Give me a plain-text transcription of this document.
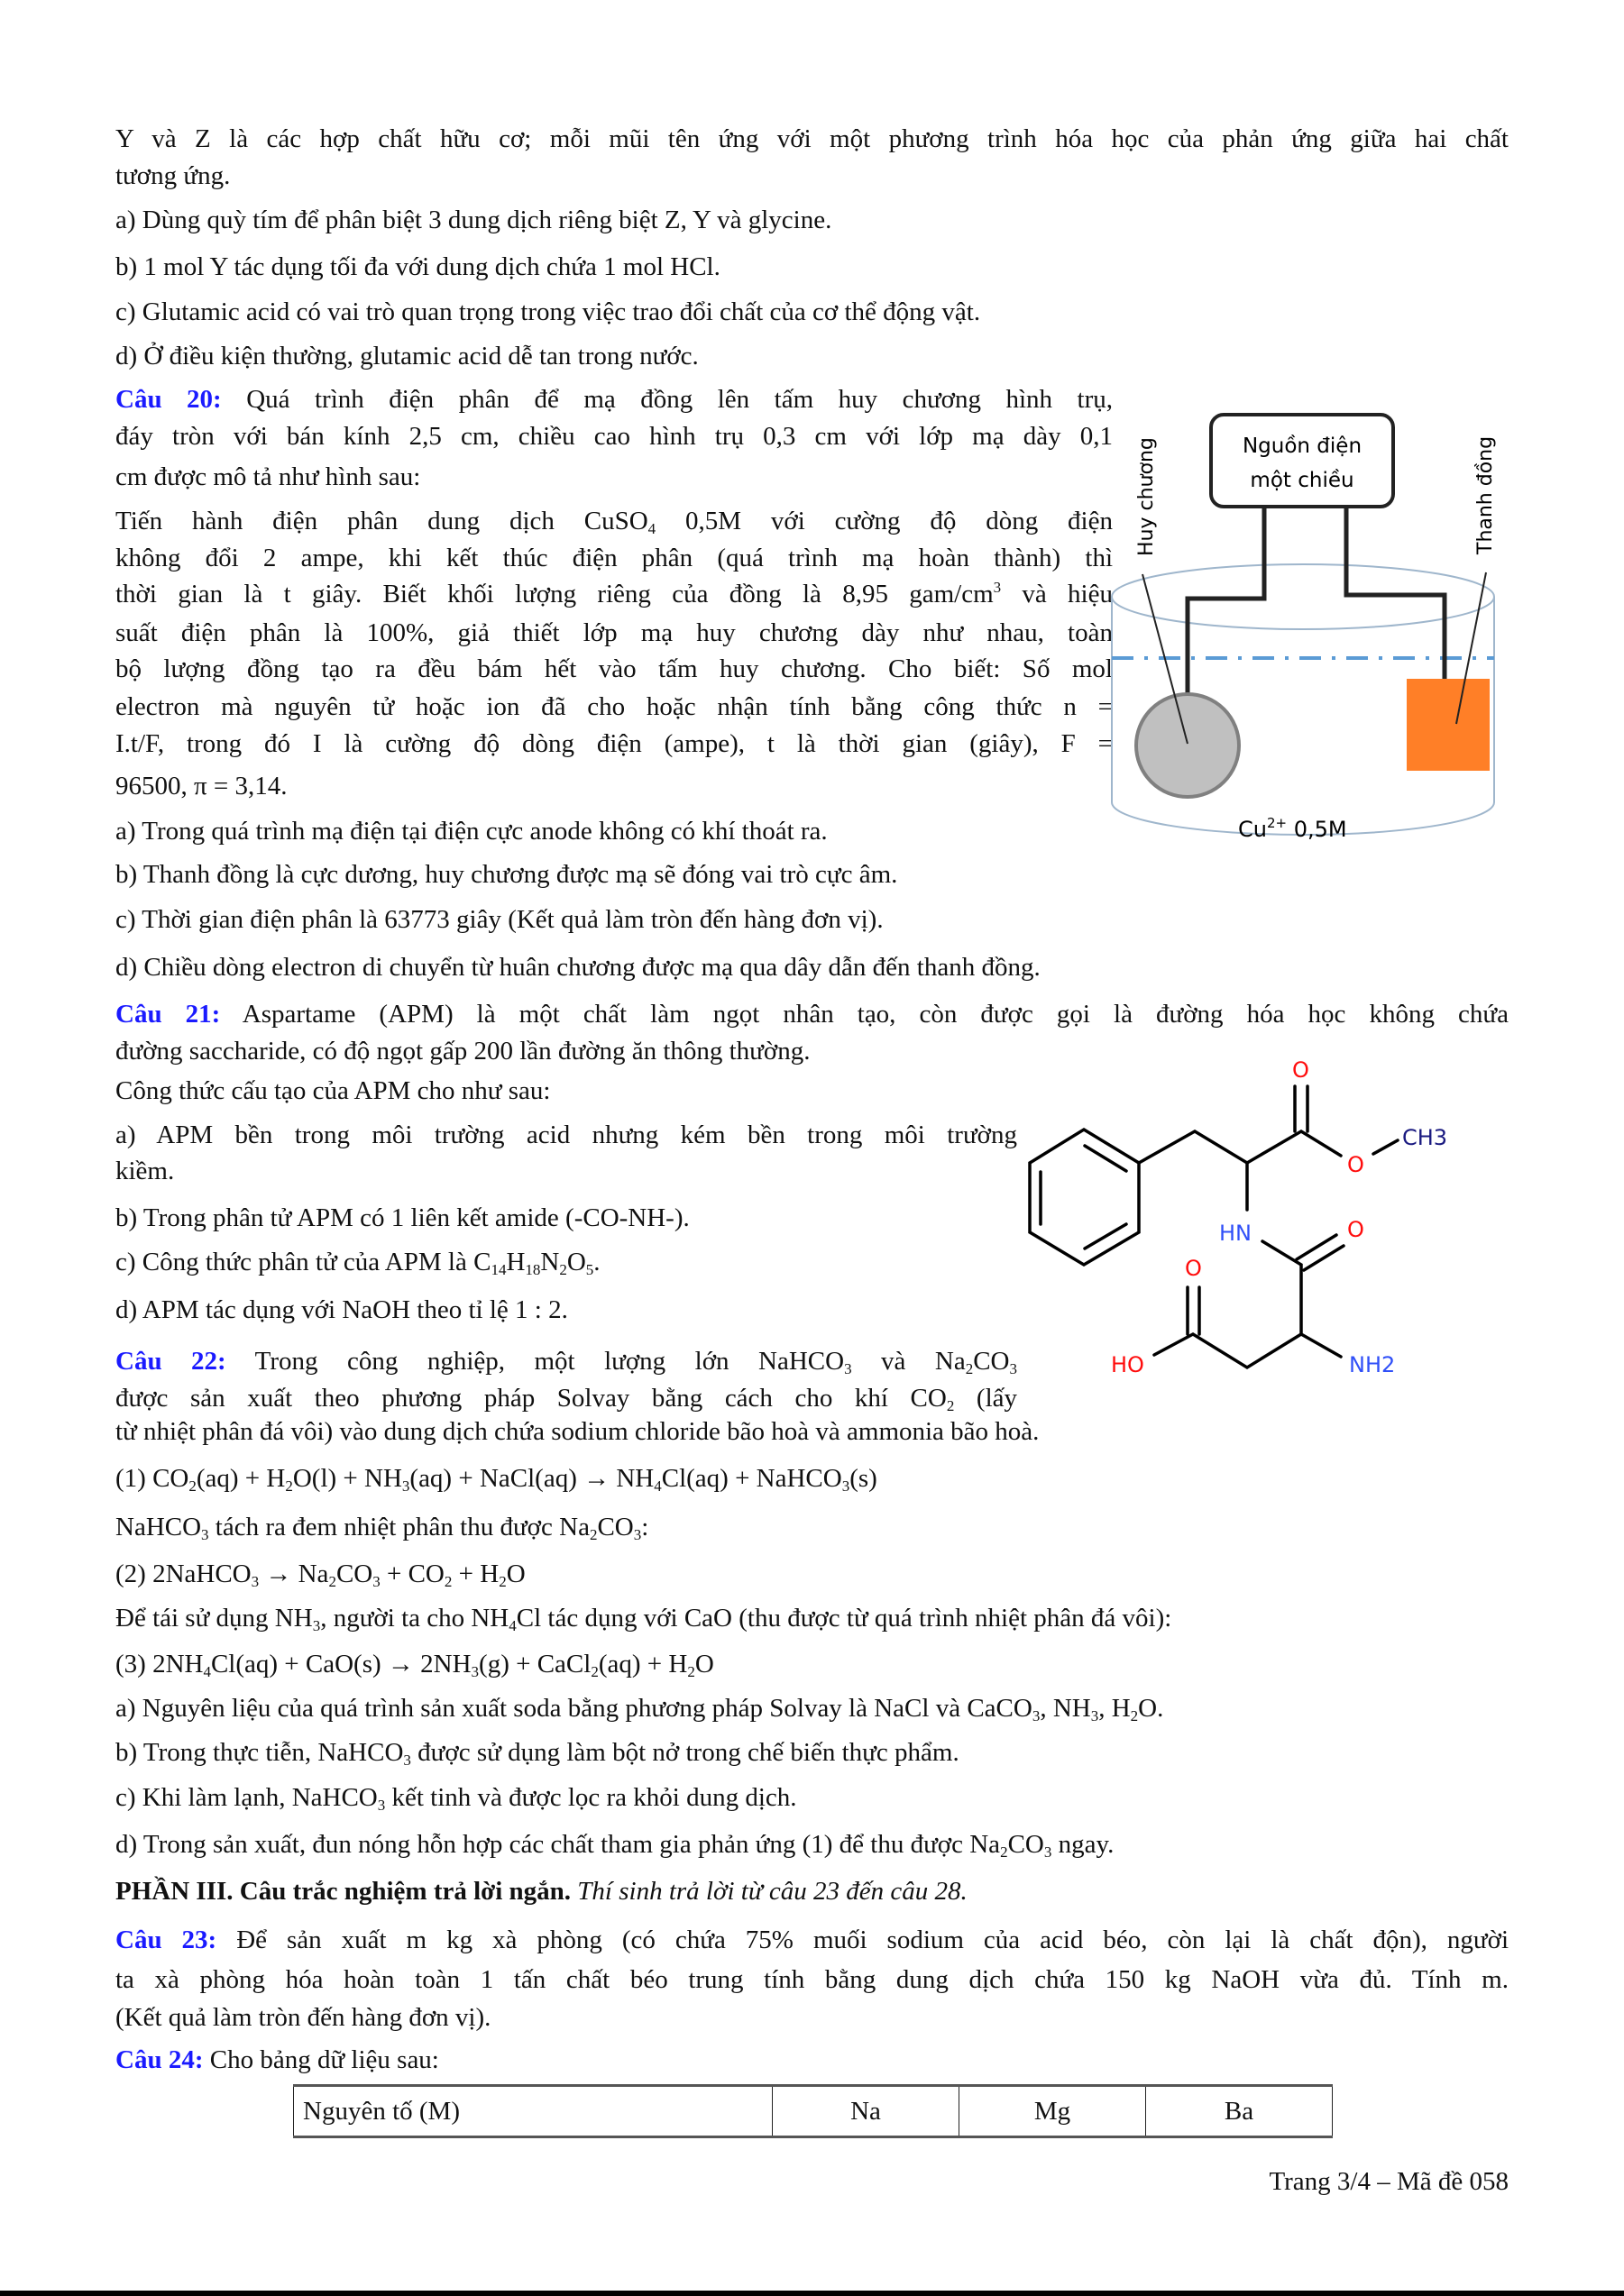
Y và Z là các hợp chất hữu cơ; mỗi mũi tên ứng với một phương trình hóa học của phản ứng giữa hai chất
tương ứng.
a) Dùng quỳ tím để phân biệt 3 dung dịch riêng biệt Z, Y và glycine.
b) 1 mol Y tác dụng tối đa với dung dịch chứa 1 mol HCl.
c) Glutamic acid có vai trò quan trọng trong việc trao đổi chất của cơ thể động vật.
d) Ở điều kiện thường, glutamic acid dễ tan trong nước.
Câu 20: Quá trình điện phân để mạ đồng lên tấm huy chương hình trụ,
đáy tròn với bán kính 2,5 cm, chiều cao hình trụ 0,3 cm với lớp mạ dày 0,1
cm được mô tả như hình sau:
Tiến hành điện phân dung dịch CuSO$_4$ 0,5M với cường độ dòng điện
không đổi 2 ampe, khi kết thúc điện phân (quá trình mạ hoàn thành) thì
thời gian là t giây. Biết khối lượng riêng của đồng là 8,95 gam/$cm^3$ và hiệu
suất điện phân là 100%, giả thiết lớp mạ huy chương dày như nhau, toàn
bộ lượng đồng tạo ra đều bám hết vào tấm huy chương. Cho biết: Số mol
electron mà nguyên tử hoặc ion đã cho hoặc nhận tính bằng công thức n =
I.t/F, trong đó I là cường độ dòng điện (ampe), t là thời gian (giây), F =
96500, π = 3,14.
a) Trong quá trình mạ điện tại điện cực anode không có khí thoát ra.
b) Thanh đồng là cực dương, huy chương được mạ sẽ đóng vai trò cực âm.
c) Thời gian điện phân là 63773 giây (Kết quả làm tròn đến hàng đơn vị).
d) Chiều dòng electron di chuyển từ huân chương được mạ qua dây dẫn đến thanh đồng.
Câu 21: Aspartame (APM) là một chất làm ngọt nhân tạo, còn được gọi là đường hóa học không chứa
đường saccharide, có độ ngọt gấp 200 lần đường ăn thông thường.
Công thức cấu tạo của APM cho như sau:
a) APM bền trong môi trường acid nhưng kém bền trong môi trường
kiềm.
b) Trong phân tử APM có 1 liên kết amide (-CO-NH-).
c) Công thức phân tử của APM là $C_{14}H_{18}N_2O_5$.
d) APM tác dụng với NaOH theo tỉ lệ 1 : 2.
Câu 22: Trong công nghiệp, một lượng lớn NaHCO$_3$ và $Na_2CO_3$
được sản xuất theo phương pháp Solvay bằng cách cho khí $CO_2$ (lấy
từ nhiệt phân đá vôi) vào dung dịch chứa sodium chloride bão hoà và ammonia bão hoà.
(1) $CO_2(aq) + H_2O(l) + NH_3(aq)$ + NaCl(aq) → $NH_4Cl(aq)$ + NaHCO$_3$(s)
NaHCO$_3$ tách ra đem nhiệt phân thu được $Na_2CO_3$:
(2) 2NaHCO$_3$ → $Na_2CO_3 + CO_2 + H_2O$
Để tái sử dụng $NH_3$, người ta cho $NH_4Cl$ tác dụng với CaO (thu được từ quá trình nhiệt phân đá vôi):
(3) $2NH_4Cl(aq) + CaO(s) \to 2NH_3(g)$ + CaCl$_2$(aq) + $H_2O$
a) Nguyên liệu của quá trình sản xuất soda bằng phương pháp Solvay là NaCl và CaCO$_3$, $NH_3$, $H_2O$.
b) Trong thực tiễn, NaHCO$_3$ được sử dụng làm bột nở trong chế biến thực phẩm.
c) Khi làm lạnh, NaHCO$_3$ kết tinh và được lọc ra khỏi dung dịch.
d) Trong sản xuất, đun nóng hỗn hợp các chất tham gia phản ứng (1) để thu được $Na_2CO_3$ ngay.
PHẦN III. Câu trắc nghiệm trả lời ngắn. Thí sinh trả lời từ câu 23 đến câu 28.
Câu 23: Để sản xuất m kg xà phòng (có chứa 75% muối sodium của acid béo, còn lại là chất độn), người
ta xà phòng hóa hoàn toàn 1 tấn chất béo trung tính bằng dung dịch chứa 150 kg NaOH vừa đủ. Tính m.
(Kết quả làm tròn đến hàng đơn vị).
Câu 24: Cho bảng dữ liệu sau:
Nguồn điện
một chiều
Huy chương	Thanh đồng
$Cu^{2+}$ 0,5M
O
O
CH3
HN	O
O
HO	NH2
Nguyên tố (M)	Na	Mg	Ba
Trang 3/4 – Mã đề 058
